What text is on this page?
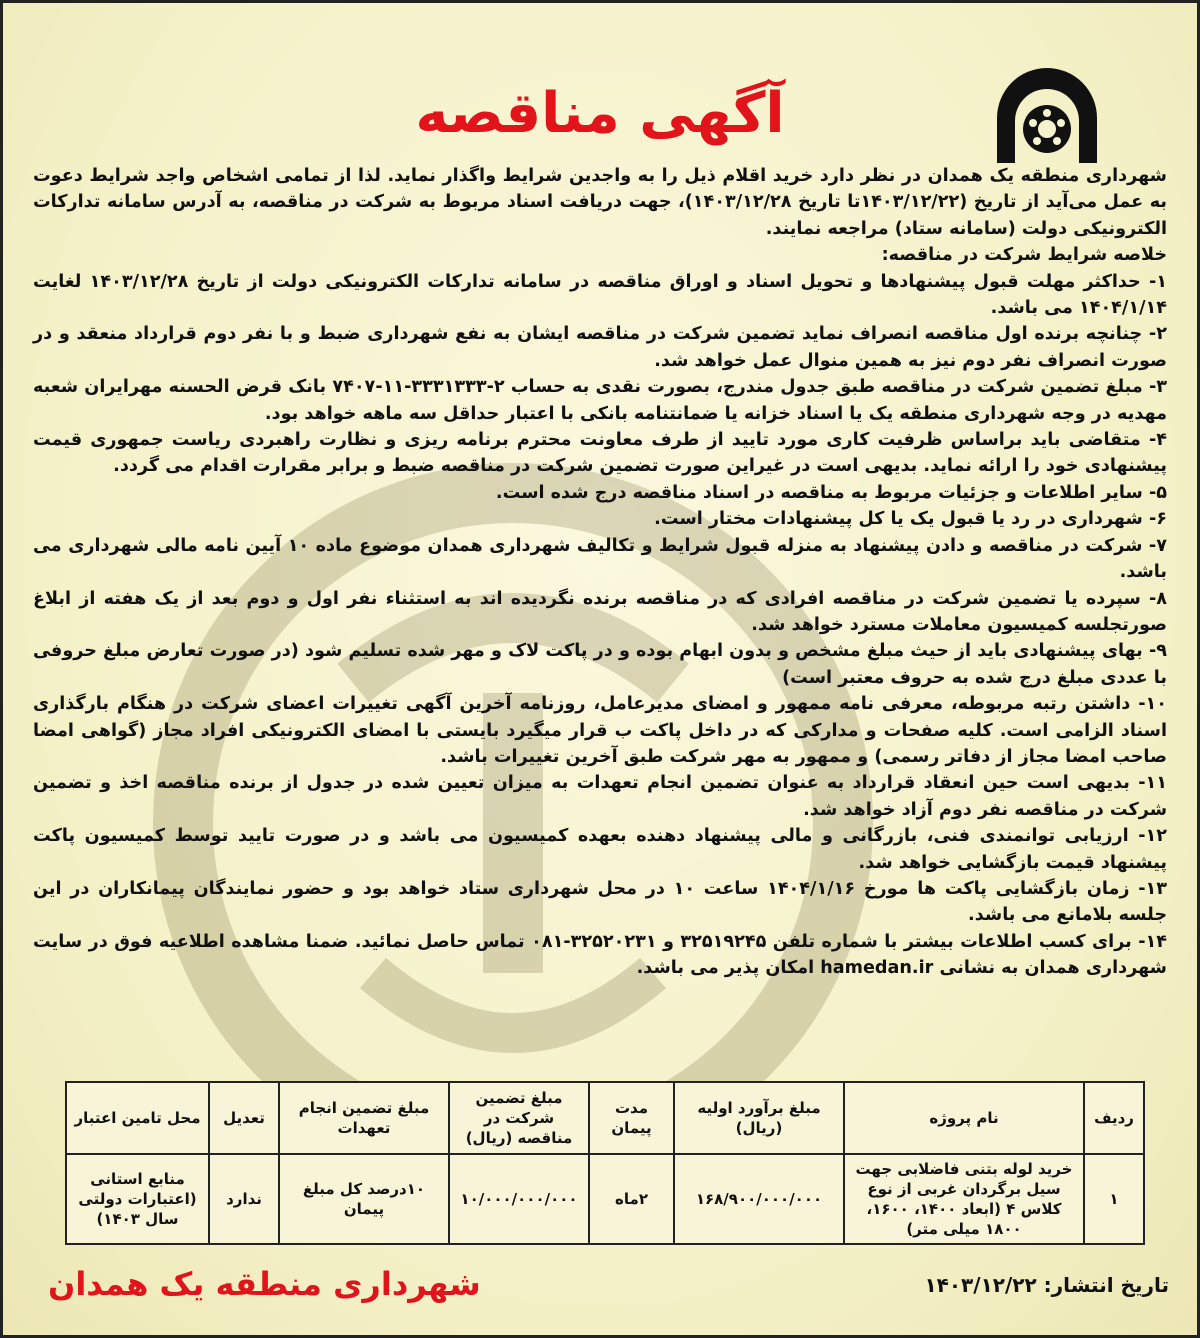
آگهی مناقصه

شهرداری منطقه یک همدان در نظر دارد خرید اقلام ذیل را به واجدین شرایط واگذار نماید. لذا از تمامی اشخاص واجد شرایط دعوت به عمل می‌آید از تاریخ (۱۴۰۳/۱۲/۲۲تا تاریخ ۱۴۰۳/۱۲/۲۸)، جهت دریافت اسناد مربوط به شرکت در مناقصه، به آدرس سامانه تدارکات الکترونیکی دولت (سامانه ستاد) مراجعه نمایند.

خلاصه شرایط شرکت در مناقصه:

۱- حداکثر مهلت قبول پیشنهادها و تحویل اسناد و اوراق مناقصه در سامانه تدارکات الکترونیکی دولت از تاریخ ۱۴۰۳/۱۲/۲۸ لغایت ۱۴۰۴/۱/۱۴ می باشد.

۲- چنانچه برنده اول مناقصه انصراف نماید تضمین شرکت در مناقصه ایشان به نفع شهرداری ضبط و با نفر دوم قرارداد منعقد و در صورت انصراف نفر دوم نیز به همین منوال عمل خواهد شد.

۳- مبلغ تضمین شرکت در مناقصه طبق جدول مندرج، بصورت نقدی به حساب ۲-۳۳۳۱۳۳۳-۱۱-۷۴۰۷ بانک قرض الحسنه مهرایران شعبه مهدیه در وجه شهرداری منطقه یک یا اسناد خزانه یا ضمانتنامه بانکی با اعتبار حداقل سه ماهه خواهد بود.

۴- متقاضی باید براساس ظرفیت کاری مورد تایید از طرف معاونت محترم برنامه ریزی و نظارت راهبردی ریاست جمهوری قیمت پیشنهادی خود را ارائه نماید. بدیهی است در غیراین صورت تضمین شرکت در مناقصه ضبط و برابر مقرارت اقدام می گردد.

۵- سایر اطلاعات و جزئیات مربوط به مناقصه در اسناد مناقصه درج شده است.

۶- شهرداری در رد یا قبول یک یا کل پیشنهادات مختار است.

۷- شرکت در مناقصه و دادن پیشنهاد به منزله قبول شرایط و تکالیف شهرداری همدان موضوع ماده ۱۰ آیین نامه مالی شهرداری می باشد.

۸- سپرده یا تضمین شرکت در مناقصه افرادی که در مناقصه برنده نگردیده اند به استثناء نفر اول و دوم بعد از یک هفته از ابلاغ صورتجلسه کمیسیون معاملات مسترد خواهد شد.

۹- بهای پیشنهادی باید از حیث مبلغ مشخص و بدون ابهام بوده و در پاکت لاک و مهر شده تسلیم شود (در صورت تعارض مبلغ حروفی با عددی مبلغ درج شده به حروف معتبر است)

۱۰- داشتن رتبه مربوطه، معرفی نامه ممهور و امضای مدیرعامل، روزنامه آخرین آگهی تغییرات اعضای شرکت در هنگام بارگذاری اسناد الزامی است. کلیه صفحات و مدارکی که در داخل پاکت ب قرار میگیرد بایستی با امضای الکترونیکی افراد مجاز (گواهی امضا صاحب امضا مجاز از دفاتر رسمی) و ممهور به مهر شرکت طبق آخرین تغییرات باشد.

۱۱- بدیهی است حین انعقاد قرارداد به عنوان تضمین انجام تعهدات به میزان تعیین شده در جدول از برنده مناقصه اخذ و تضمین شرکت در مناقصه نفر دوم آزاد خواهد شد.

۱۲- ارزیابی توانمندی فنی، بازرگانی و مالی پیشنهاد دهنده بعهده کمیسیون می باشد و در صورت تایید توسط کمیسیون پاکت پیشنهاد قیمت بازگشایی خواهد شد.

۱۳- زمان بازگشایی پاکت ها مورخ ۱۴۰۴/۱/۱۶ ساعت ۱۰ در محل شهرداری ستاد خواهد بود و حضور نمایندگان پیمانکاران در این جلسه بلامانع می باشد.

۱۴- برای کسب اطلاعات بیشتر با شماره تلفن ۳۲۵۱۹۲۴۵ و ۳۲۵۲۰۲۳۱-۰۸۱ تماس حاصل نمائید. ضمنا مشاهده اطلاعیه فوق در سایت شهرداری همدان به نشانی hamedan.ir امکان پذیر می باشد.

ردیف	نام پروژه	مبلغ برآورد اولیه (ریال)	مدت پیمان	مبلغ تضمین شرکت در مناقصه (ریال)	مبلغ تضمین انجام تعهدات	تعدیل	محل تامین اعتبار
۱	خرید لوله بتنی فاضلابی جهت سیل برگردان غربی از نوع کلاس ۴ (ابعاد ۱۴۰۰، ۱۶۰۰، ۱۸۰۰ میلی متر)	۱۶۸/۹۰۰/۰۰۰/۰۰۰	۲ماه	۱۰/۰۰۰/۰۰۰/۰۰۰	۱۰درصد کل مبلغ پیمان	ندارد	منابع استانی (اعتبارات دولتی سال ۱۴۰۳)
تاریخ انتشار: ۱۴۰۳/۱۲/۲۲
شهرداری منطقه یک همدان
